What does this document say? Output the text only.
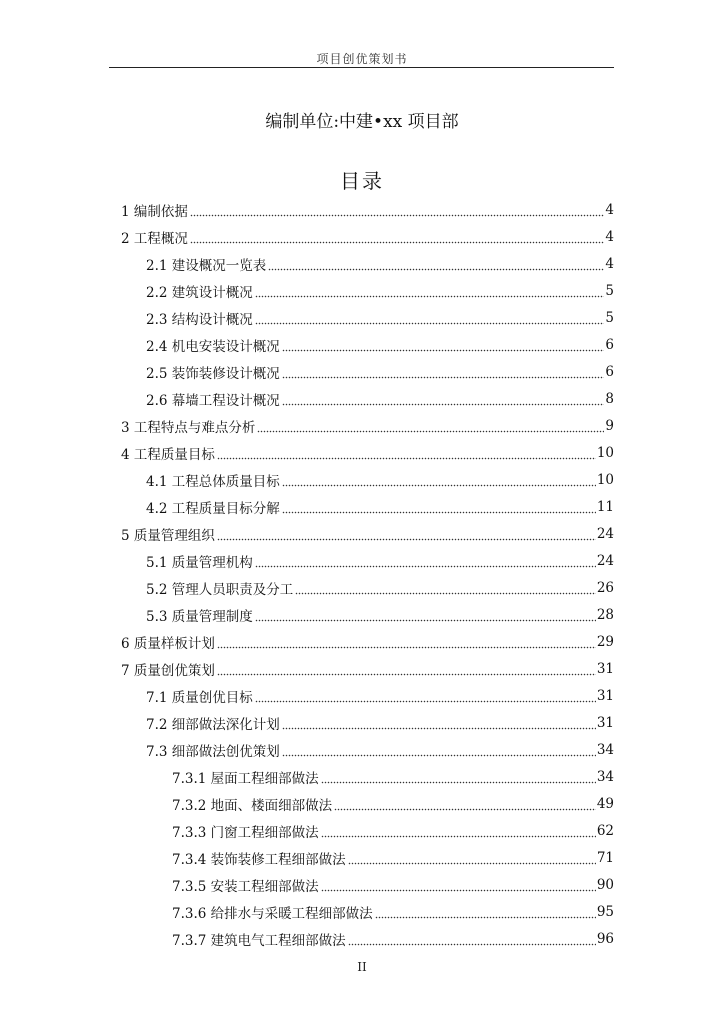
项目创优策划书
编制单位:中建•xx 项目部
目录
1 编制依据	4
2 工程概况	4
2.1 建设概况一览表	4
2.2 建筑设计概况	5
2.3 结构设计概况	5
2.4 机电安装设计概况	6
2.5 装饰装修设计概况	6
2.6 幕墙工程设计概况	8
3 工程特点与难点分析	9
4 工程质量目标	10
4.1 工程总体质量目标	10
4.2 工程质量目标分解	11
5 质量管理组织	24
5.1 质量管理机构	24
5.2 管理人员职责及分工	26
5.3 质量管理制度	28
6 质量样板计划	29
7 质量创优策划	31
7.1 质量创优目标	31
7.2 细部做法深化计划	31
7.3 细部做法创优策划	34
7.3.1 屋面工程细部做法	34
7.3.2 地面、楼面细部做法	49
7.3.3 门窗工程细部做法	62
7.3.4 装饰装修工程细部做法	71
7.3.5 安装工程细部做法	90
7.3.6 给排水与采暖工程细部做法	95
7.3.7 建筑电气工程细部做法	96
II
